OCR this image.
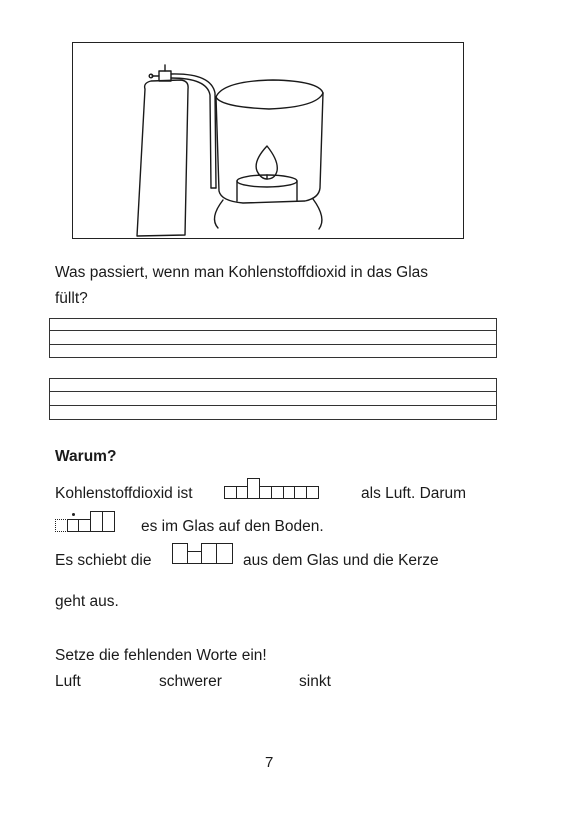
Was passiert, wenn man Kohlenstoffdioxid in das Glas
füllt?
Warum?
Kohlenstoffdioxid ist	als Luft. Darum
es im Glas auf den Boden.
Es schiebt die	aus dem Glas und die Kerze
geht aus.
Setze die fehlenden Worte ein!
Luft	schwerer	sinkt
7
